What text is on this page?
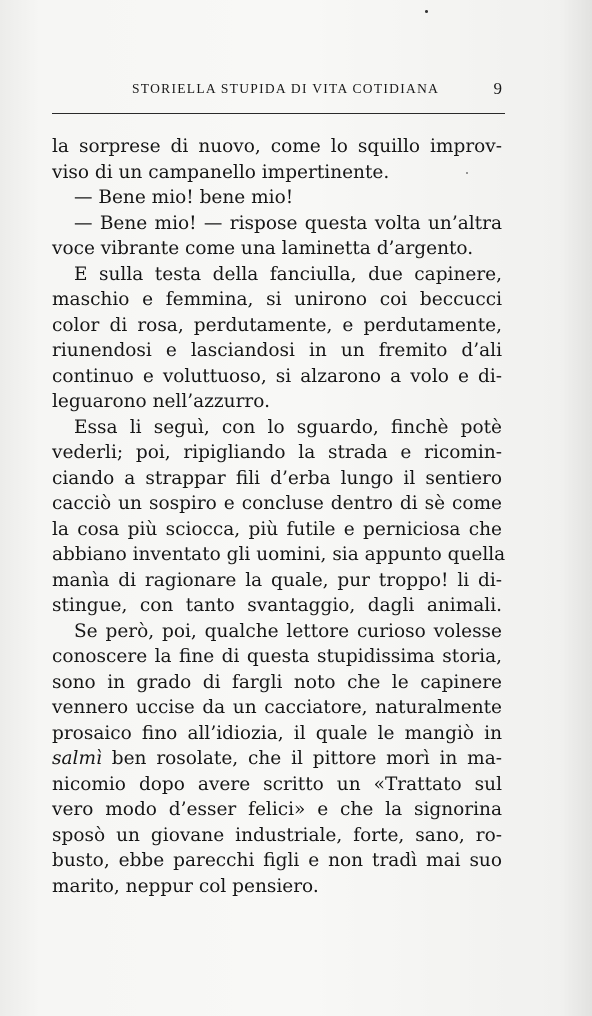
STORIELLA STUPIDA DI VITA COTIDIANA	9
la sorprese di nuovo, come lo squillo improv-
viso di un campanello impertinente.
— Bene mio! bene mio!
— Bene mio! — rispose questa volta un’altra
voce vibrante come una laminetta d’argento.
E sulla testa della fanciulla, due capinere,
maschio e femmina, si unirono coi beccucci
color di rosa, perdutamente, e perdutamente,
riunendosi e lasciandosi in un fremito d’ali
continuo e voluttuoso, si alzarono a volo e di-
leguarono nell’azzurro.
Essa li seguì, con lo sguardo, finchè potè
vederli; poi, ripigliando la strada e ricomin-
ciando a strappar fili d’erba lungo il sentiero
cacciò un sospiro e concluse dentro di sè come
la cosa più sciocca, più futile e perniciosa che
abbiano inventato gli uomini, sia appunto quella
manìa di ragionare la quale, pur troppo! li di-
stingue, con tanto svantaggio, dagli animali.
Se però, poi, qualche lettore curioso volesse
conoscere la fine di questa stupidissima storia,
sono in grado di fargli noto che le capinere
vennero uccise da un cacciatore, naturalmente
prosaico fino all’idiozia, il quale le mangiò in
salmì ben rosolate, che il pittore morì in ma-
nicomio dopo avere scritto un «Trattato sul
vero modo d’esser felici» e che la signorina
sposò un giovane industriale, forte, sano, ro-
busto, ebbe parecchi figli e non tradì mai suo
marito, neppur col pensiero.
